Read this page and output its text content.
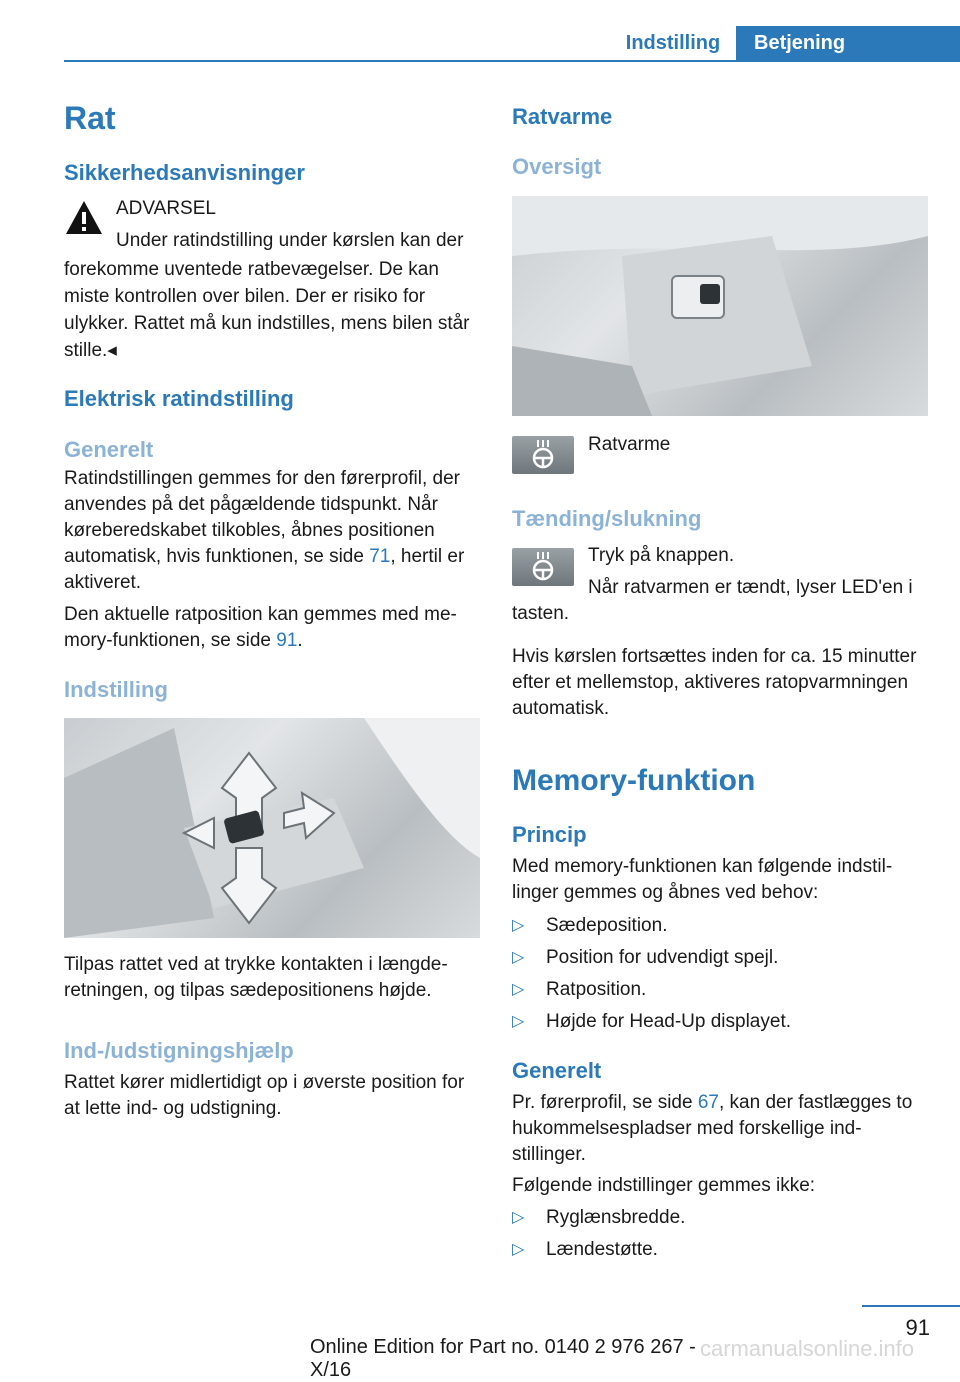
Indstilling	Betjening
Rat
Sikkerhedsanvisninger
ADVARSEL
Under ratindstilling under kørslen kan der

forekomme uventede ratbevægelser. De kan miste kontrollen over bilen. Der er risiko for ulykker. Rattet må kun indstilles, mens bilen står stille.◂

Elektrisk ratindstilling
Generelt

Ratindstillingen gemmes for den førerprofil, der anvendes på det pågældende tidspunkt. Når køreberedskabet tilkobles, åbnes positionen automatisk, hvis funktionen, se side 71, hertil er aktiveret.

Den aktuelle ratposition kan gemmes med memory-funktionen, se side 91.

Indstilling

Tilpas rattet ved at trykke kontakten i længderetningen, og tilpas sædepositionens højde.

Ind-/udstigningshjælp

Rattet kører midlertidigt op i øverste position for at lette ind- og udstigning.

Ratvarme
Oversigt
Ratvarme
Tænding/slukning
Tryk på knappen.
Når ratvarmen er tændt, lyser LED'en i
tasten.

Hvis kørslen fortsættes inden for ca. 15 minutter efter et mellemstop, aktiveres ratopvarmningen automatisk.

Memory-funktion
Princip

Med memory-funktionen kan følgende indstillinger gemmes og åbnes ved behov:

▷ Sædeposition.
▷ Position for udvendigt spejl.
▷ Ratposition.
▷ Højde for Head-Up displayet.
Generelt

Pr. førerprofil, se side 67, kan der fastlægges to hukommelsespladser med forskellige indstillinger.

Følgende indstillinger gemmes ikke:

▷ Ryglænsbredde.
▷ Lændestøtte.
91
Online Edition for Part no. 0140 2 976 267 - X/16
carmanualsonline.info
